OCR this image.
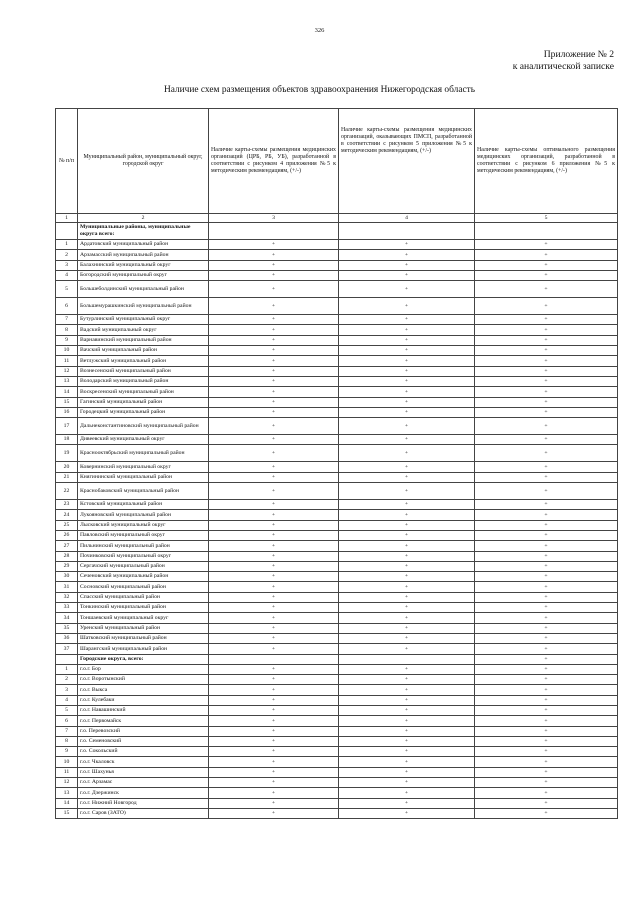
326
Приложение № 2
к аналитической записке
Наличие схем размещения объектов здравоохранения Нижегородская область
№ п/п	Муниципальный район, муниципальный округ, городской округ	Наличие карты-схемы размещения медицинских организаций (ЦРБ, РБ, УБ), разработанной в соответствии с рисунком 4 приложения №5 к методическим рекомендациям, (+/-)	Наличие карты-схемы размещения медицинских организаций, оказывающих ПМСП, разработанной в соответствии с рисунком 5 приложения №5 к методическим рекомендациям, (+/-)	Наличие карты-схемы оптимального размещения медицинских организаций, разработанной в соответствии с рисунком 6 приложения №5 к методическим рекомендациям, (+/-)
1	2	3	4	5
	Муниципальные районы, муниципальные округа всего:			
1	Ардатовский муниципальный район	+	+	+
2	Арзамасский муниципальный район	+	+	+
3	Балахнинский муниципальный округ	+	+	+
4	Богородский муниципальный округ	+	+	+
5	Большеболдинский муниципальный район	+	+	+
6	Большемурашкинский муниципальный район	+	+	+
7	Бутурлинский муниципальный округ	+	+	+
8	Вадский муниципальный округ	+	+	+
9	Варнавинский муниципальный район	+	+	+
10	Вачский муниципальный район	+	+	+
11	Ветлужский муниципальный район	+	+	+
12	Вознесенский муниципальный район	+	+	+
13	Володарский муниципальный район	+	+	+
14	Воскресенский муниципальный район	+	+	+
15	Гагинский муниципальный район	+	+	+
16	Городецкий муниципальный район	+	+	+
17	Дальнеконстантиновский муниципальный район	+	+	+
18	Дивеевский муниципальный округ	+	+	+
19	Краснооктябрьский муниципальный район	+	+	+
20	Ковернинский муниципальный округ	+	+	+
21	Княгининский муниципальный район	+	+	+
22	Краснобаковский муниципальный район	+	+	+
23	Кстовский муниципальный район	+	+	+
24	Лукояновский муниципальный район	+	+	+
25	Лысковский муниципальный округ	+	+	+
26	Павловский муниципальный округ	+	+	+
27	Пильнинский муниципальный район	+	+	+
28	Починковский муниципальный округ	+	+	+
29	Сергачский муниципальный район	+	+	+
30	Сеченовский муниципальный район	+	+	+
31	Сосновский муниципальный район	+	+	+
32	Спасский муниципальный район	+	+	+
33	Тонкинский муниципальный район	+	+	+
34	Тоншаевский муниципальный округ	+	+	+
35	Уренский муниципальный район	+	+	+
36	Шатковский муниципальный район	+	+	+
37	Шарангский муниципальный район	+	+	+
	Городские округа, всего:			+
1	г.о.г. Бор	+	+	+
2	г.о.г. Воротынский	+	+	+
3	г.о.г. Выкса	+	+	+
4	г.о.г. Кулебаки	+	+	+
5	г.о.г. Навашинский	+	+	+
6	г.о.г. Первомайск	+	+	+
7	г.о. Перевозский	+	+	+
8	г.о. Семеновский	+	+	+
9	г.о. Сокольский	+	+	+
10	г.о.г. Чкаловск	+	+	+
11	г.о.г. Шахунья	+	+	+
12	г.о.г. Арзамас	+	+	+
13	г.о.г. Дзержинск	+	+	+
14	г.о.г. Нижний Новгород	+	+	+
15	г.о.г. Саров (ЗАТО)	+	+	+
